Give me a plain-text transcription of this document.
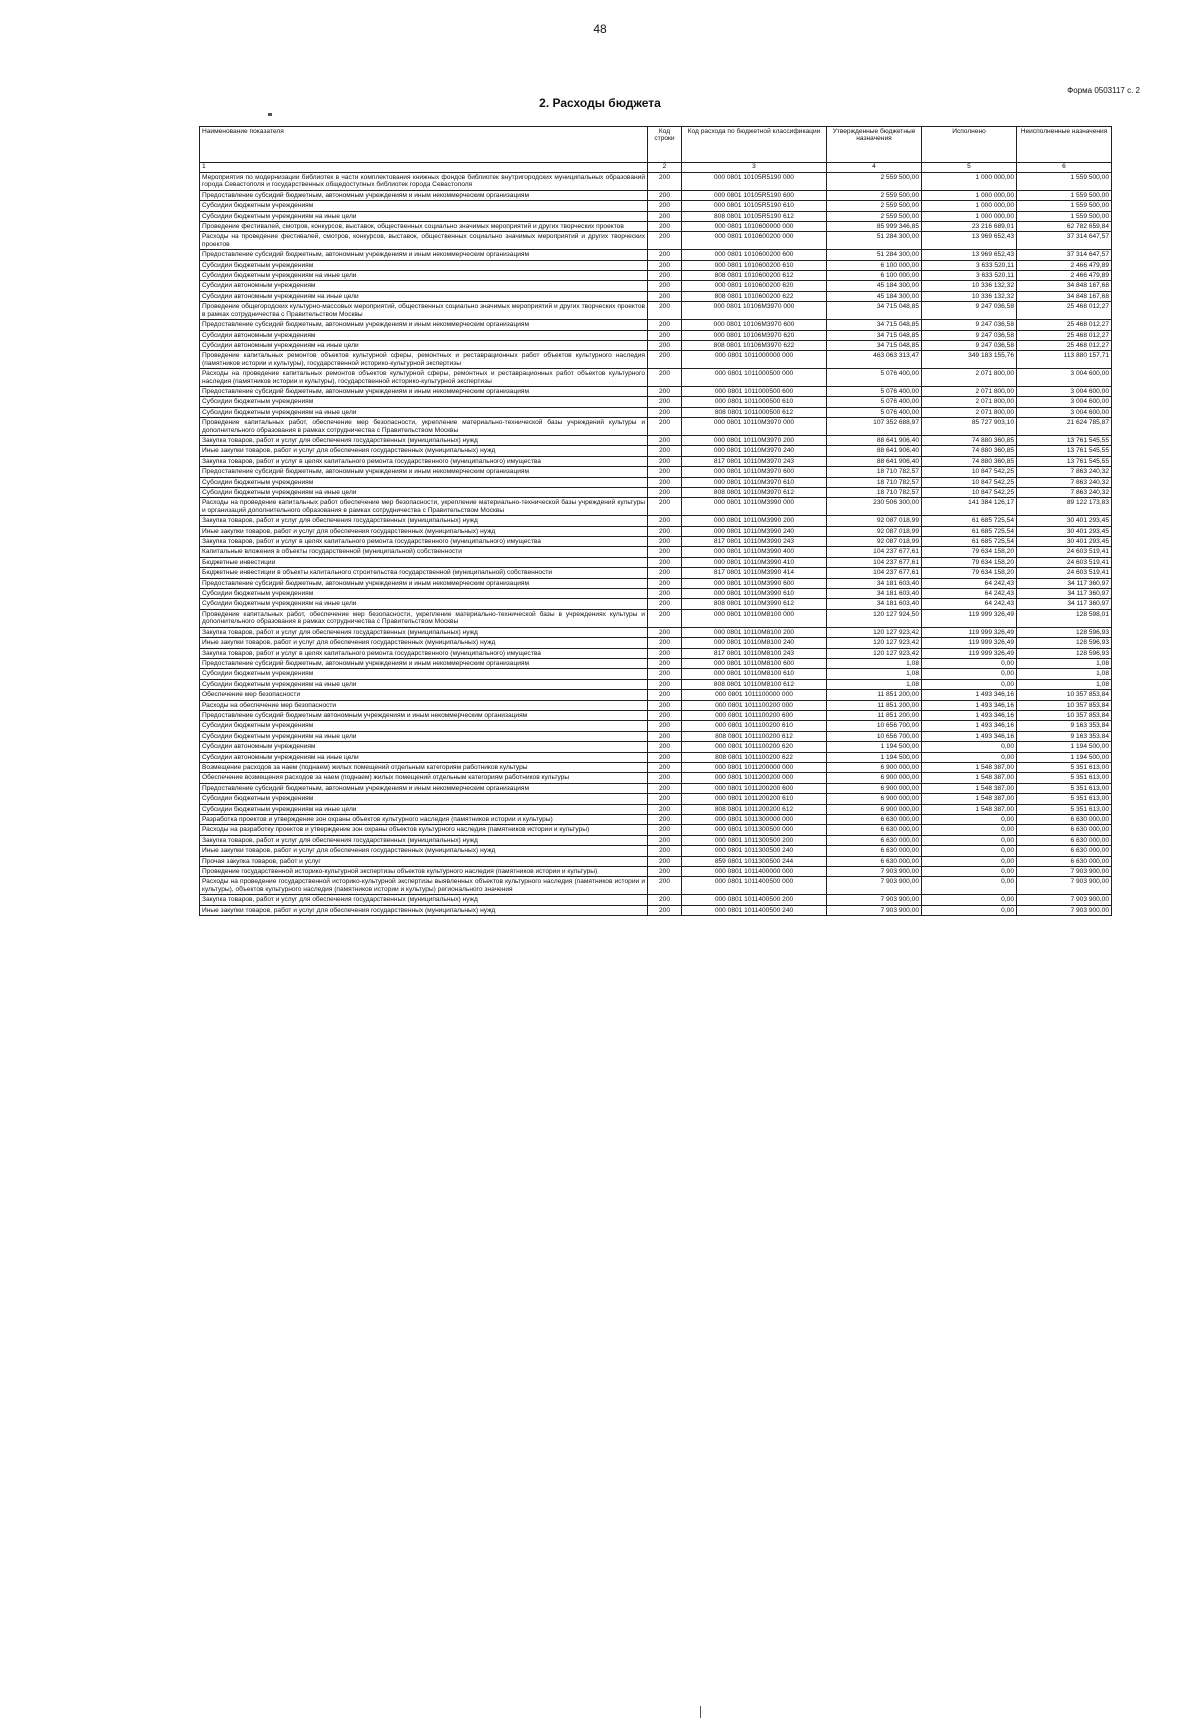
48
Форма 0503117 с. 2
2. Расходы бюджета
Наименование показателя	Код строки	Код расхода по бюджетной классификации	Утвержденные бюджетные назначения	Исполнено	Неисполненные назначения
1	2	3	4	5	6
Мероприятия по модернизации библиотек в части комплектования книжных фондов библиотек внутригородских муниципальных образований города Севастополя и государственных общедоступных библиотек города Севастополя	200	000 0801 10105R5190 000	2 559 500,00	1 000 000,00	1 559 500,00
Предоставление субсидий бюджетным, автономным учреждениям и иным некоммерческим организациям	200	000 0801 10105R5190 600	2 559 500,00	1 000 000,00	1 559 500,00
Субсидии бюджетным учреждениям	200	000 0801 10105R5190 610	2 559 500,00	1 000 000,00	1 559 500,00
Субсидии бюджетным учреждениям на иные цели	200	808 0801 10105R5190 612	2 559 500,00	1 000 000,00	1 559 500,00
Проведение фестивалей, смотров, конкурсов, выставок, общественных социально значимых мероприятий и других творческих проектов	200	000 0801 1010600000 000	85 999 346,85	23 216 689,01	62 782 659,84
Расходы на проведение фестивалей, смотров, конкурсов, выставок, общественных социально значимых мероприятий и других творческих проектов	200	000 0801 1010600200 000	51 284 300,00	13 969 652,43	37 314 647,57
Предоставление субсидий бюджетным, автономным учреждениям и иным некоммерческим организациям	200	000 0801 1010600200 600	51 284 300,00	13 969 652,43	37 314 647,57
Субсидии бюджетным учреждениям	200	000 0801 1010600200 610	6 100 000,00	3 633 520,11	2 466 479,89
Субсидии бюджетным учреждениям на иные цели	200	808 0801 1010600200 612	6 100 000,00	3 633 520,11	2 466 479,89
Субсидии автономным учреждениям	200	000 0801 1010600200 620	45 184 300,00	10 336 132,32	34 848 167,68
Субсидии автономным учреждениям на иные цели	200	808 0801 1010600200 622	45 184 300,00	10 336 132,32	34 848 167,68
Проведение общегородских культурно-массовых мероприятий, общественных социально значимых мероприятий и других творческих проектов в рамках сотрудничества с Правительством Москвы	200	000 0801 10106M3970 000	34 715 048,85	9 247 036,58	25 468 012,27
Предоставление субсидий бюджетным, автономным учреждениям и иным некоммерческим организациям	200	000 0801 10106M3970 600	34 715 048,85	9 247 036,58	25 468 012,27
Субсидии автономным учреждениям	200	000 0801 10106M3970 620	34 715 048,85	9 247 036,58	25 468 012,27
Субсидии автономным учреждениям на иные цели	200	808 0801 10106M3970 622	34 715 048,85	9 247 036,58	25 468 012,27
Проведение капитальных ремонтов объектов культурной сферы, ремонтных и реставрационных работ объектов культурного наследия (памятников истории и культуры), государственной историко-культурной экспертизы	200	000 0801 1011000000 000	463 063 313,47	349 183 155,76	113 880 157,71
Расходы на проведение капитальных ремонтов объектов культурной сферы, ремонтных и реставрационных работ объектов культурного наследия (памятников истории и культуры), государственной историко-культурной экспертизы	200	000 0801 1011000500 000	5 076 400,00	2 071 800,00	3 004 600,00
Предоставление субсидий бюджетным, автономным учреждениям и иным некоммерческим организациям	200	000 0801 1011000500 600	5 076 400,00	2 071 800,00	3 004 600,00
Субсидии бюджетным учреждениям	200	000 0801 1011000500 610	5 076 400,00	2 071 800,00	3 004 600,00
Субсидии бюджетным учреждениям на иные цели	200	808 0801 1011000500 612	5 076 400,00	2 071 800,00	3 004 600,00
Проведение капитальных работ, обеспечение мер безопасности, укрепление материально-технической базы учреждений культуры и дополнительного образования в рамках сотрудничества с Правительством Москвы	200	000 0801 10110M3970 000	107 352 688,97	85 727 903,10	21 624 785,87
Закупка товаров, работ и услуг для обеспечения государственных (муниципальных) нужд	200	000 0801 10110M3970 200	88 641 906,40	74 880 360,85	13 761 545,55
Иные закупки товаров, работ и услуг для обеспечения государственных (муниципальных) нужд	200	000 0801 10110M3970 240	88 641 906,40	74 880 360,85	13 761 545,55
Закупка товаров, работ и услуг в целях капитального ремонта государственного (муниципального) имущества	200	817 0801 10110M3970 243	88 641 906,40	74 880 360,85	13 761 545,55
Предоставление субсидий бюджетным, автономным учреждениям и иным некоммерческим организациям	200	000 0801 10110M3970 600	18 710 782,57	10 847 542,25	7 863 240,32
Субсидии бюджетным учреждениям	200	000 0801 10110M3970 610	18 710 782,57	10 847 542,25	7 863 240,32
Субсидии бюджетным учреждениям на иные цели	200	808 0801 10110M3970 612	18 710 782,57	10 847 542,25	7 863 240,32
Расходы на проведение капитальных работ обеспечение мер безопасности, укрепление материально-технической базы учреждений культуры и организаций дополнительного образования в рамках сотрудничества с Правительством Москвы	200	000 0801 10110M3990 000	230 506 300,00	141 384 126,17	89 122 173,83
Закупка товаров, работ и услуг для обеспечения государственных (муниципальных) нужд	200	000 0801 10110M3990 200	92 087 018,99	61 685 725,54	30 401 293,45
Иные закупки товаров, работ и услуг для обеспечения государственных (муниципальных) нужд	200	000 0801 10110M3990 240	92 087 018,99	61 685 725,54	30 401 293,45
Закупка товаров, работ и услуг в целях капитального ремонта государственного (муниципального) имущества	200	817 0801 10110M3990 243	92 087 018,99	61 685 725,54	30 401 293,45
Капитальные вложения в объекты государственной (муниципальной) собственности	200	000 0801 10110M3990 400	104 237 677,61	79 634 158,20	24 603 519,41
Бюджетные инвестиции	200	000 0801 10110M3990 410	104 237 677,61	79 634 158,20	24 603 519,41
Бюджетные инвестиции в объекты капитального строительства государственной (муниципальной) собственности	200	817 0801 10110M3990 414	104 237 677,61	79 634 158,20	24 603 519,41
Предоставление субсидий бюджетным, автономным учреждениям и иным некоммерческим организациям	200	000 0801 10110M3990 600	34 181 603,40	64 242,43	34 117 360,97
Субсидии бюджетным учреждениям	200	000 0801 10110M3990 610	34 181 603,40	64 242,43	34 117 360,97
Субсидии бюджетным учреждениям на иные цели	200	808 0801 10110M3990 612	34 181 603,40	64 242,43	34 117 360,97
Проведение капитальных работ, обеспечение мер безопасности, укрепление материально-технической базы в учреждениях культуры и дополнительного образования в рамках сотрудничества с Правительством Москвы	200	000 0801 10110M8100 000	120 127 924,50	119 999 326,49	128 598,01
Закупка товаров, работ и услуг для обеспечения государственных (муниципальных) нужд	200	000 0801 10110M8100 200	120 127 923,42	119 999 326,49	128 596,93
Иные закупки товаров, работ и услуг для обеспечения государственных (муниципальных) нужд	200	000 0801 10110M8100 240	120 127 923,42	119 999 326,49	128 596,93
Закупка товаров, работ и услуг в целях капитального ремонта государственного (муниципального) имущества	200	817 0801 10110M8100 243	120 127 923,42	119 999 326,49	128 596,93
Предоставление субсидий бюджетным, автономным учреждениям и иным некоммерческим организациям	200	000 0801 10110M8100 600	1,08	0,00	1,08
Субсидии бюджетным учреждениям	200	000 0801 10110M8100 610	1,08	0,00	1,08
Субсидии бюджетным учреждениям на иные цели	200	808 0801 10110M8100 612	1,08	0,00	1,08
Обеспечение мер безопасности	200	000 0801 1011100000 000	11 851 200,00	1 493 346,16	10 357 853,84
Расходы на обеспечение мер безопасности	200	000 0801 1011100200 000	11 851 200,00	1 493 346,16	10 357 853,84
Предоставление субсидий бюджетным автономным учреждениям и иным некоммерческим организациям	200	000 0801 1011100200 600	11 851 200,00	1 493 346,16	10 357 853,84
Субсидии бюджетным учреждениям	200	000 0801 1011100200 610	10 656 700,00	1 493 346,16	9 163 353,84
Субсидии бюджетным учреждениям на иные цели	200	808 0801 1011100200 612	10 656 700,00	1 493 346,16	9 163 353,84
Субсидии автономным учреждениям	200	000 0801 1011100200 620	1 194 500,00	0,00	1 194 500,00
Субсидии автономным учреждениям на иные цели	200	808 0801 1011100200 622	1 194 500,00	0,00	1 194 500,00
Возмещение расходов за наем (поднаем) жилых помещений отдельным категориям работников культуры	200	000 0801 1011200000 000	6 900 000,00	1 548 387,00	5 351 613,00
Обеспечение возмещения расходов за наем (поднаем) жилых помещений отдельным категориям работников культуры	200	000 0801 1011200200 000	6 900 000,00	1 548 387,00	5 351 613,00
Предоставление субсидий бюджетным, автономным учреждениям и иным некоммерческим организациям	200	000 0801 1011200200 600	6 900 000,00	1 548 387,00	5 351 613,00
Субсидии бюджетным учреждениям	200	000 0801 1011200200 610	6 900 000,00	1 548 387,00	5 351 613,00
Субсидии бюджетным учреждениям на иные цели	200	808 0801 1011200200 612	6 900 000,00	1 548 387,00	5 351 613,00
Разработка проектов и утверждение зон охраны объектов культурного наследия (памятников истории и культуры)	200	000 0801 1011300000 000	6 630 000,00	0,00	6 630 000,00
Расходы на разработку проектов и утверждение зон охраны объектов культурного наследия (памятников истории и культуры)	200	000 0801 1011300500 000	6 630 000,00	0,00	6 630 000,00
Закупка товаров, работ и услуг для обеспечения государственных (муниципальных) нужд	200	000 0801 1011300500 200	6 630 000,00	0,00	6 630 000,00
Иные закупки товаров, работ и услуг для обеспечения государственных (муниципальных) нужд	200	000 0801 1011300500 240	6 630 000,00	0,00	6 630 000,00
Прочая закупка товаров, работ и услуг	200	859 0801 1011300500 244	6 630 000,00	0,00	6 630 000,00
Проведение государственной историко-культурной экспертизы объектов культурного наследия (памятников истории и культуры)	200	000 0801 1011400000 000	7 903 900,00	0,00	7 903 900,00
Расходы на проведение государственной историко-культурной экспертизы выявленных объектов культурного наследия (памятников истории и культуры), объектов культурного наследия (памятников истории и культуры) регионального значения	200	000 0801 1011400500 000	7 903 900,00	0,00	7 903 900,00
Закупка товаров, работ и услуг для обеспечения государственных (муниципальных) нужд	200	000 0801 1011400500 200	7 903 900,00	0,00	7 903 900,00
Иные закупки товаров, работ и услуг для обеспечения государственных (муниципальных) нужд	200	000 0801 1011400500 240	7 903 900,00	0,00	7 903 900,00
